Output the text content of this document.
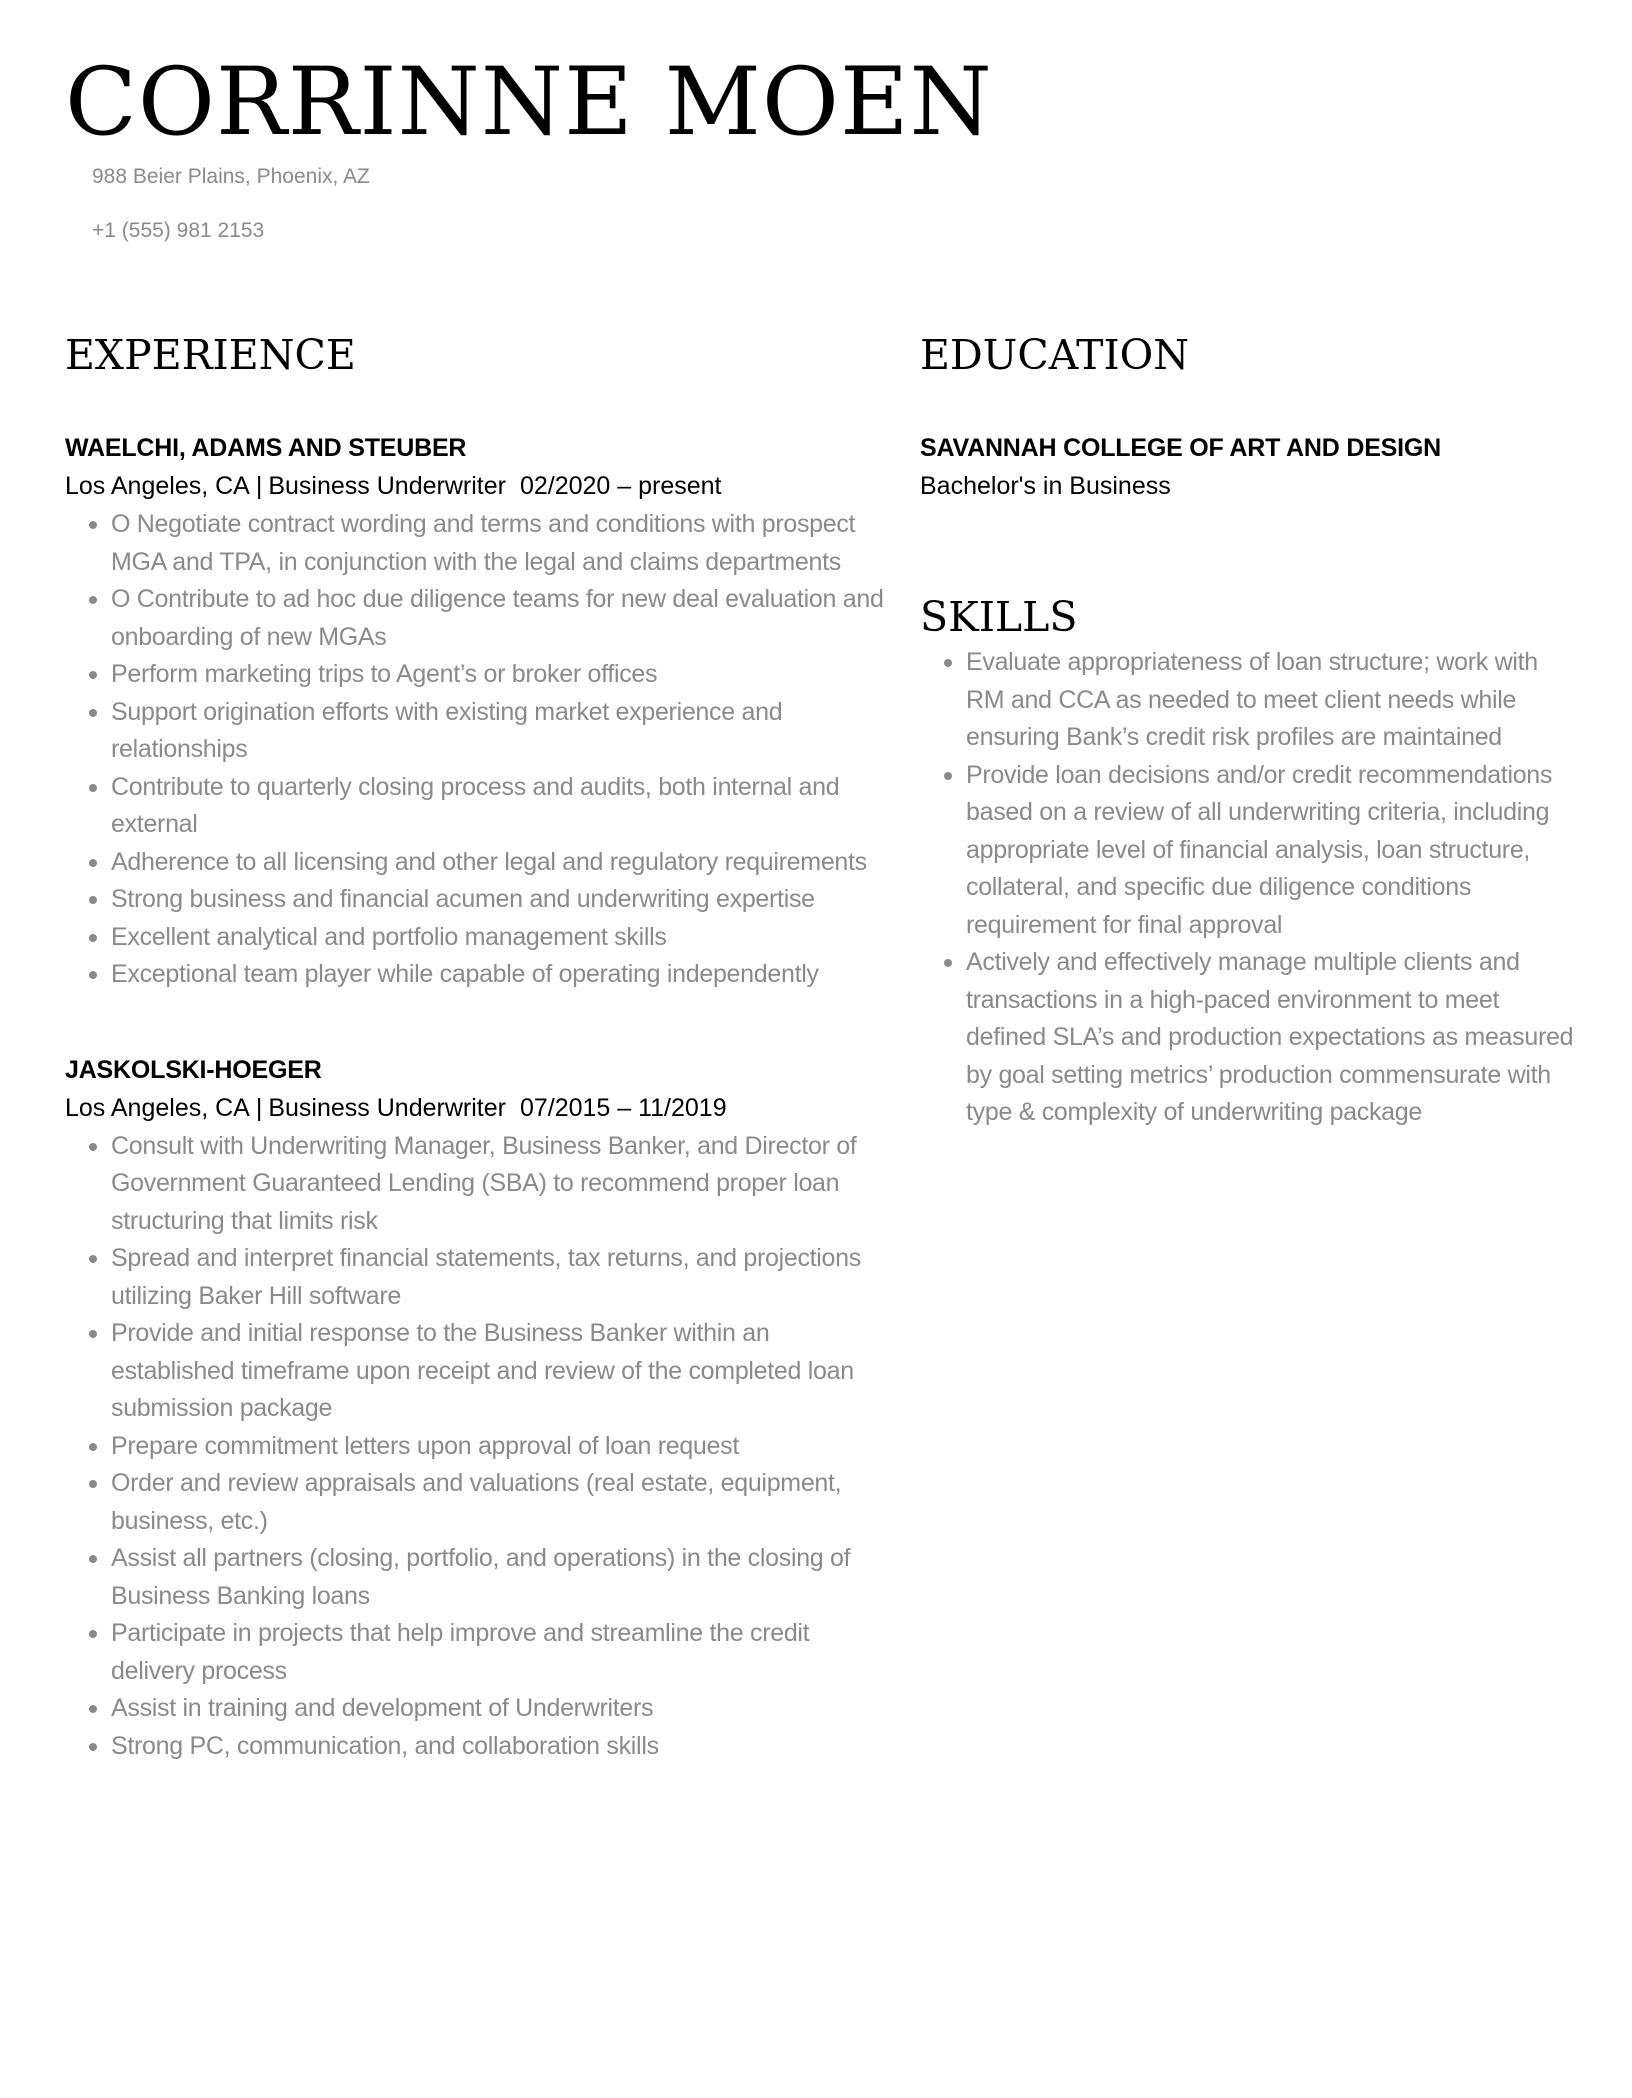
CORRINNE MOEN
988 Beier Plains, Phoenix, AZ
+1 (555) 981 2153
EXPERIENCE
WAELCHI, ADAMS AND STEUBER
Los Angeles, CA | Business Underwriter 02/2020 – present
O Negotiate contract wording and terms and conditions with prospect MGA and TPA, in conjunction with the legal and claims departments
O Contribute to ad hoc due diligence teams for new deal evaluation and onboarding of new MGAs
Perform marketing trips to Agent’s or broker offices
Support origination efforts with existing market experience and relationships
Contribute to quarterly closing process and audits, both internal and external
Adherence to all licensing and other legal and regulatory requirements
Strong business and financial acumen and underwriting expertise
Excellent analytical and portfolio management skills
Exceptional team player while capable of operating independently
JASKOLSKI-HOEGER
Los Angeles, CA | Business Underwriter 07/2015 – 11/2019
Consult with Underwriting Manager, Business Banker, and Director of Government Guaranteed Lending (SBA) to recommend proper loan structuring that limits risk
Spread and interpret financial statements, tax returns, and projections utilizing Baker Hill software
Provide and initial response to the Business Banker within an established timeframe upon receipt and review of the completed loan submission package
Prepare commitment letters upon approval of loan request
Order and review appraisals and valuations (real estate, equipment, business, etc.)
Assist all partners (closing, portfolio, and operations) in the closing of Business Banking loans
Participate in projects that help improve and streamline the credit delivery process
Assist in training and development of Underwriters
Strong PC, communication, and collaboration skills
EDUCATION
SAVANNAH COLLEGE OF ART AND DESIGN
Bachelor's in Business
SKILLS
Evaluate appropriateness of loan structure; work with RM and CCA as needed to meet client needs while ensuring Bank’s credit risk profiles are maintained
Provide loan decisions and/or credit recommendations based on a review of all underwriting criteria, including appropriate level of financial analysis, loan structure, collateral, and specific due diligence conditions requirement for final approval
Actively and effectively manage multiple clients and transactions in a high-paced environment to meet defined SLA’s and production expectations as measured by goal setting metrics’ production commensurate with type & complexity of underwriting package
